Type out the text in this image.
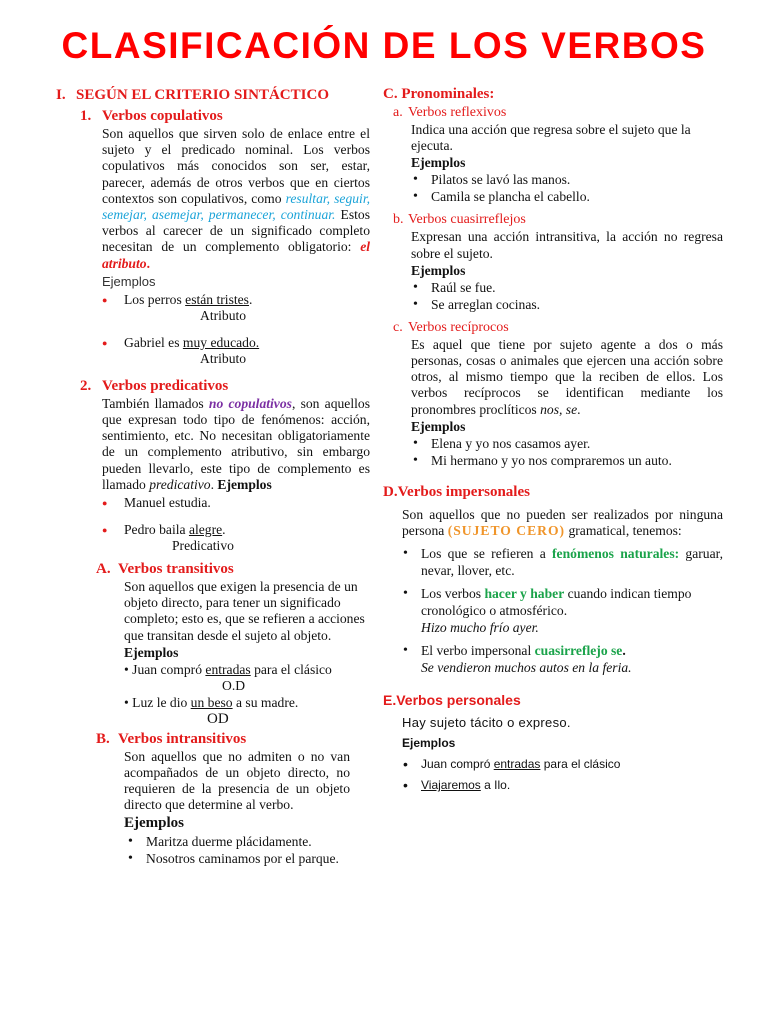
CLASIFICACIÓN DE LOS VERBOS
I. SEGÚN EL CRITERIO SINTÁCTICO
1. Verbos copulativos

Son aquellos que sirven solo de enlace entre el sujeto y el predicado nominal. Los verbos copulativos más conocidos son ser, estar, parecer, además de otros verbos que en ciertos contextos son copulativos, como resultar, seguir, semejar, asemejar, permanecer, continuar. Estos verbos al carecer de un significado completo necesitan de un complemento obligatorio: el atributo.

Ejemplos
● Los perros están tristes.
Atributo
● Gabriel es muy educado.
Atributo
2. Verbos predicativos

También llamados no copulativos, son aquellos que expresan todo tipo de fenómenos: acción, sentimiento, etc. No necesitan obligatoriamente de un complemento atributivo, sin embargo pueden llevarlo, este tipo de complemento es llamado predicativo. Ejemplos

● Manuel estudia.
● Pedro baila alegre.
Predicativo
A. Verbos transitivos

Son aquellos que exigen la presencia de un objeto directo, para tener un significado completo; esto es, que se refieren a acciones que transitan desde el sujeto al objeto.

Ejemplos
• Juan compró entradas para el clásico
O.D
• Luz le dio un beso a su madre.
OD
B. Verbos intransitivos

Son aquellos que no admiten o no van acompañados de un objeto directo, no requieren de la presencia de un objeto directo que determine al verbo.

Ejemplos
• Maritza duerme plácidamente.
• Nosotros caminamos por el parque.
C. Pronominales:
a. Verbos reflexivos

Indica una acción que regresa sobre el sujeto que la ejecuta.

Ejemplos
• Pilatos se lavó las manos.
• Camila se plancha el cabello.
b. Verbos cuasirreflejos

Expresan una acción intransitiva, la acción no regresa sobre el sujeto.

Ejemplos
• Raúl se fue.
• Se arreglan cocinas.
c. Verbos recíprocos

Es aquel que tiene por sujeto agente a dos o más personas, cosas o animales que ejercen una acción sobre otros, al mismo tiempo que la reciben de ellos. Los verbos recíprocos se identifican mediante los pronombres proclíticos nos, se.

Ejemplos
• Elena y yo nos casamos ayer.
• Mi hermano y yo nos compraremos un auto.
D.Verbos impersonales

Son aquellos que no pueden ser realizados por ninguna persona (SUJETO CERO) gramatical, tenemos:

• Los que se refieren a fenómenos naturales: garuar, nevar, llover, etc.
• Los verbos hacer y haber cuando indican tiempo cronológico o atmosférico.
Hizo mucho frío ayer.
• El verbo impersonal cuasirreflejo se.
Se vendieron muchos autos en la feria.
E.Verbos personales
Hay sujeto tácito o expreso.
Ejemplos
• Juan compró entradas para el clásico
• Viajaremos a Ilo.
